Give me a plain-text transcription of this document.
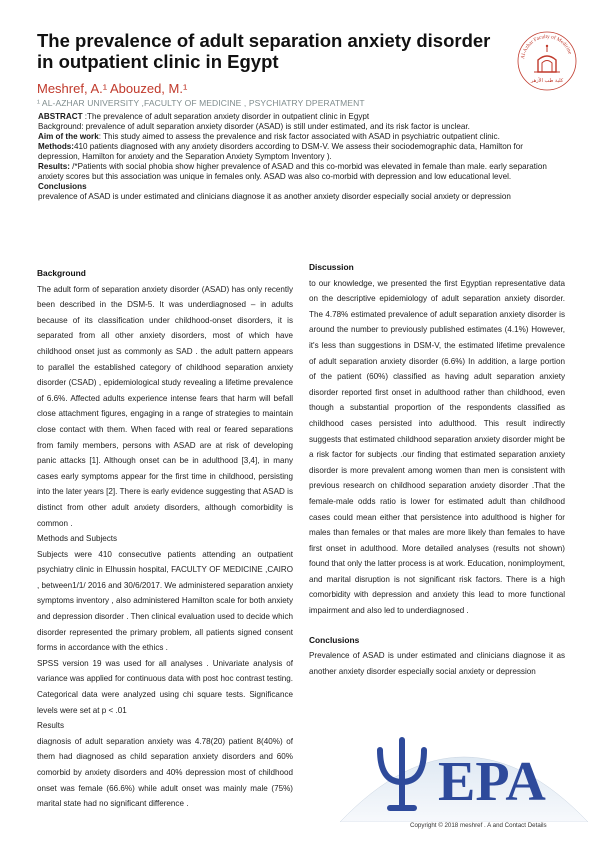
The prevalence of adult separation anxiety disorder in outpatient clinic in Egypt

Meshref, A.¹ Abouzed, M.¹

¹ AL-AZHAR UNIVERSITY ,FACULTY OF MEDICINE , PSYCHIATRY DPERATMENT

Al-Azhar Faculty of Medicine
كلية طب الأزهر

ABSTRACT :The prevalence of adult separation anxiety disorder in outpatient clinic in Egypt

Background: prevalence of adult separation anxiety disorder (ASAD) is still under estimated, and its risk factor is unclear.

Aim of the work: This study aimed to assess the prevalence and risk factor associated with ASAD in psychiatric outpatient clinic.

Methods:410 patients diagnosed with any anxiety disorders according to DSM-V. We assess their sociodemographic data, Hamilton for depression, Hamilton for anxiety and the Separation Anxiety Symptom Inventory ).

Results: /*Patients with social phobia show higher prevalence of ASAD and this co-morbid was elevated in female than male. early separation anxiety scores but this association was unique in females only. ASAD was also co-morbid with depression and low educational level.

Conclusions

prevalence of ASAD is under estimated and clinicians diagnose it as another anxiety disorder especially social anxiety or depression

Background

The adult form of separation anxiety disorder (ASAD) has only recently been described in the DSM-5. It was underdiagnosed – in adults because of its classification under childhood-onset disorders, it is separated from all other anxiety disorders, most of which have childhood onset just as commonly as SAD . the adult pattern appears to parallel the established category of childhood separation anxiety disorder (CSAD) , epidemiological study revealing a lifetime prevalence of 6.6%. Affected adults experience intense fears that harm will befall close attachment figures, engaging in a range of strategies to maintain close contact with them. When faced with real or feared separations from family members, persons with ASAD are at risk of developing panic attacks [1]. Although onset can be in adulthood [3,4], in many cases early symptoms appear for the first time in childhood, persisting into the later years [2]. There is early evidence suggesting that ASAD is distinct from other adult anxiety disorders, although comorbidity is common .

Methods and Subjects

Subjects were 410 consecutive patients attending an outpatient psychiatry clinic in Elhussin hospital, FACULTY OF MEDICINE ,CAIRO , between1/1/ 2016 and 30/6/2017. We administered separation anxiety symptoms inventory , also administered Hamilton scale for both anxiety and depression disorder . Then clinical evaluation used to decide which disorder represented the primary problem, all patients signed consent forms in accordance with the ethics .

SPSS version 19 was used for all analyses . Univariate analysis of variance was applied for continuous data with post hoc contrast testing. Categorical data were analyzed using chi square tests. Significance levels were set at p < .01

Results

diagnosis of adult separation anxiety was 4.78(20) patient 8(40%) of them had diagnosed as child separation anxiety disorders and 60% comorbid by anxiety disorders and 40% depression most of childhood onset was female (66.6%) while adult onset was mainly male (75%) marital state had no significant difference .

Discussion

to our knowledge, we presented the first Egyptian representative data on the descriptive epidemiology of adult separation anxiety disorder. The 4.78% estimated prevalence of adult separation anxiety disorder is around the number to previously published estimates (4.1%) However, it's less than suggestions in DSM-V, the estimated lifetime prevalence of adult separation anxiety disorder (6.6%) In addition, a large portion of the patient (60%) classified as having adult separation anxiety disorder reported first onset in adulthood rather than childhood, even though a substantial proportion of the respondents classified as childhood cases persisted into adulthood. This result indirectly suggests that estimated childhood separation anxiety disorder might be a risk factor for subjects .our finding that estimated separation anxiety disorder is more prevalent among women than men is consistent with previous research on childhood separation anxiety disorder .That the female-male odds ratio is lower for estimated adult than childhood cases could mean either that persistence into adulthood is higher for males than females or that males are more likely than females to have first onset in adulthood. More detailed analyses (results not shown) found that only the latter process is at work. Education, nonimployment, and marital disruption is not significant risk factors. There is a high comorbidity with depression and anxiety this lead to more functional impairment and also led to underdiagnosed .

Conclusions

Prevalence of ASAD is under estimated and clinicians diagnose it as another anxiety disorder especially social anxiety or depression

EPA
Copyright © 2018 meshref . A and Contact Details
